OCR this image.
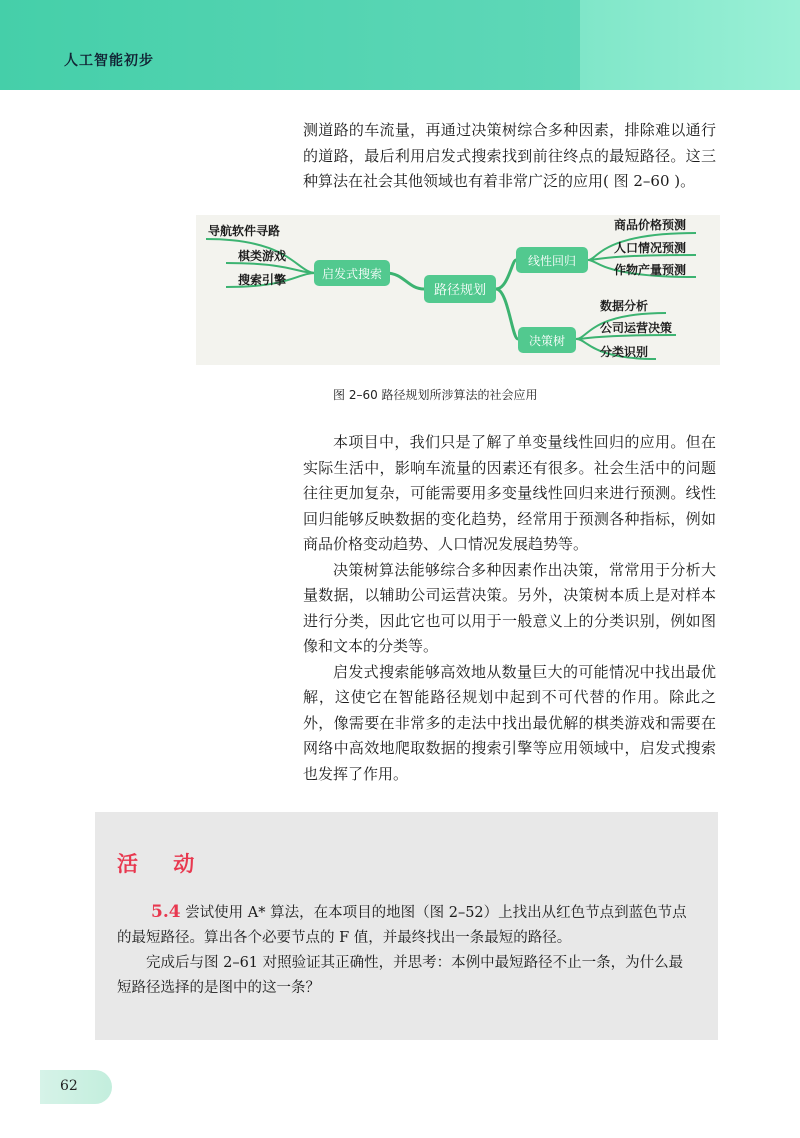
人工智能初步

测道路的车流量，再通过决策树综合多种因素，排除难以通行的道路，最后利用启发式搜索找到前往终点的最短路径。这三种算法在社会其他领域也有着非常广泛的应用( 图 2–60 )。

路径规划
启发式搜索
线性回归
决策树
导航软件寻路
棋类游戏
搜索引擎
商品价格预测
人口情况预测
作物产量预测
数据分析
公司运营决策
分类识别
图 2–60 路径规划所涉算法的社会应用

本项目中，我们只是了解了单变量线性回归的应用。但在实际生活中，影响车流量的因素还有很多。社会生活中的问题往往更加复杂，可能需要用多变量线性回归来进行预测。线性回归能够反映数据的变化趋势，经常用于预测各种指标，例如商品价格变动趋势、人口情况发展趋势等。

决策树算法能够综合多种因素作出决策，常常用于分析大量数据，以辅助公司运营决策。另外，决策树本质上是对样本进行分类，因此它也可以用于一般意义上的分类识别，例如图像和文本的分类等。

启发式搜索能够高效地从数量巨大的可能情况中找出最优解，这使它在智能路径规划中起到不可代替的作用。除此之外，像需要在非常多的走法中找出最优解的棋类游戏和需要在网络中高效地爬取数据的搜索引擎等应用领域中，启发式搜索也发挥了作用。

活 动

5.4 尝试使用 A* 算法，在本项目的地图（图 2–52）上找出从红色节点到蓝色节点的最短路径。算出各个必要节点的 F 值，并最终找出一条最短的路径。

完成后与图 2–61 对照验证其正确性，并思考：本例中最短路径不止一条，为什么最短路径选择的是图中的这一条？

62
